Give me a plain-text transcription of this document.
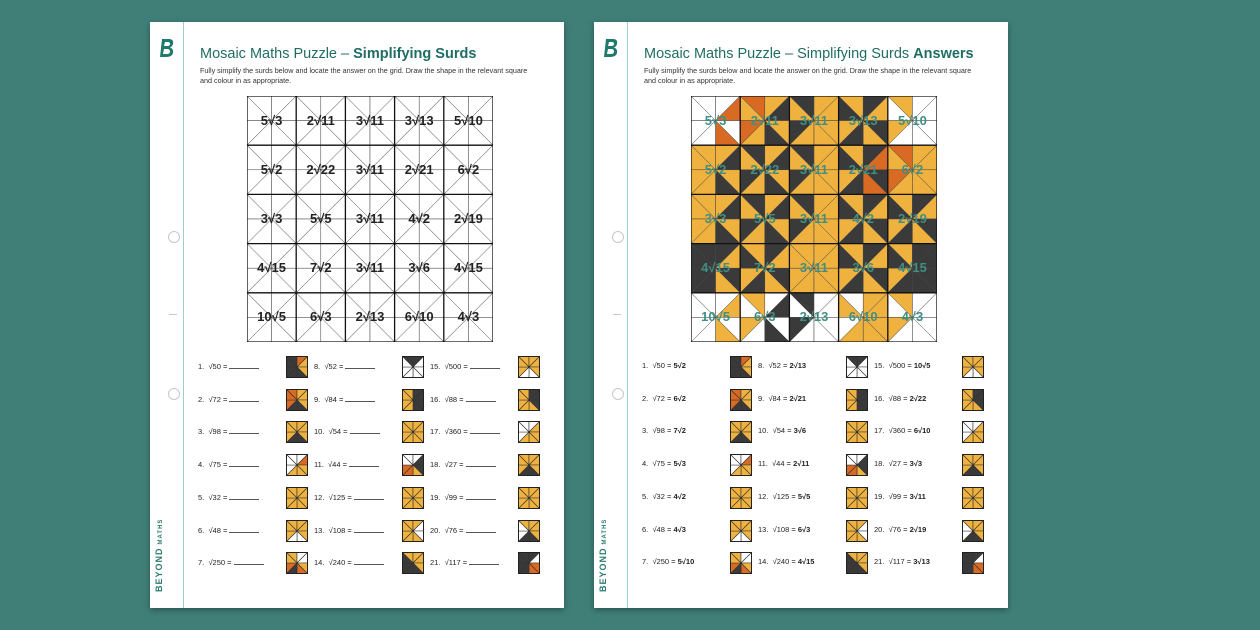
BEYONDMATHS
Mosaic Maths Puzzle – Simplifying Surds
Fully simplify the surds below and locate the answer on the grid. Draw the shape in the relevant square and colour in as appropriate.
5√3	2√11	3√11	3√13	5√10
5√2	2√22	3√11	2√21	6√2
3√3	5√5	3√11	4√2	2√19
4√15	7√2	3√11	3√6	4√15
10√5	6√3	2√13	6√10	4√3
1. √50 =
2. √72 =
3. √98 =
4. √75 =
5. √32 =
6. √48 =
7. √250 =
8. √52 =
9. √84 =
10. √54 =
11. √44 =
12. √125 =
13. √108 =
14. √240 =
15. √500 =
16. √88 =
17. √360 =
18. √27 =
19. √99 =
20. √76 =
21. √117 =	BEYONDMATHS
Mosaic Maths Puzzle – Simplifying Surds Answers
Fully simplify the surds below and locate the answer on the grid. Draw the shape in the relevant square and colour in as appropriate.
5√3	2√11	3√11	3√13	5√10
5√2	2√22	3√11	2√21	6√2
3√3	5√5	3√11	4√2	2√19
4√15	7√2	3√11	3√6	4√15
10√5	6√3	2√13	6√10	4√3
1. √50 = 5√2
2. √72 = 6√2
3. √98 = 7√2
4. √75 = 5√3
5. √32 = 4√2
6. √48 = 4√3
7. √250 = 5√10
8. √52 = 2√13
9. √84 = 2√21
10. √54 = 3√6
11. √44 = 2√11
12. √125 = 5√5
13. √108 = 6√3
14. √240 = 4√15
15. √500 = 10√5
16. √88 = 2√22
17. √360 = 6√10
18. √27 = 3√3
19. √99 = 3√11
20. √76 = 2√19
21. √117 = 3√13
